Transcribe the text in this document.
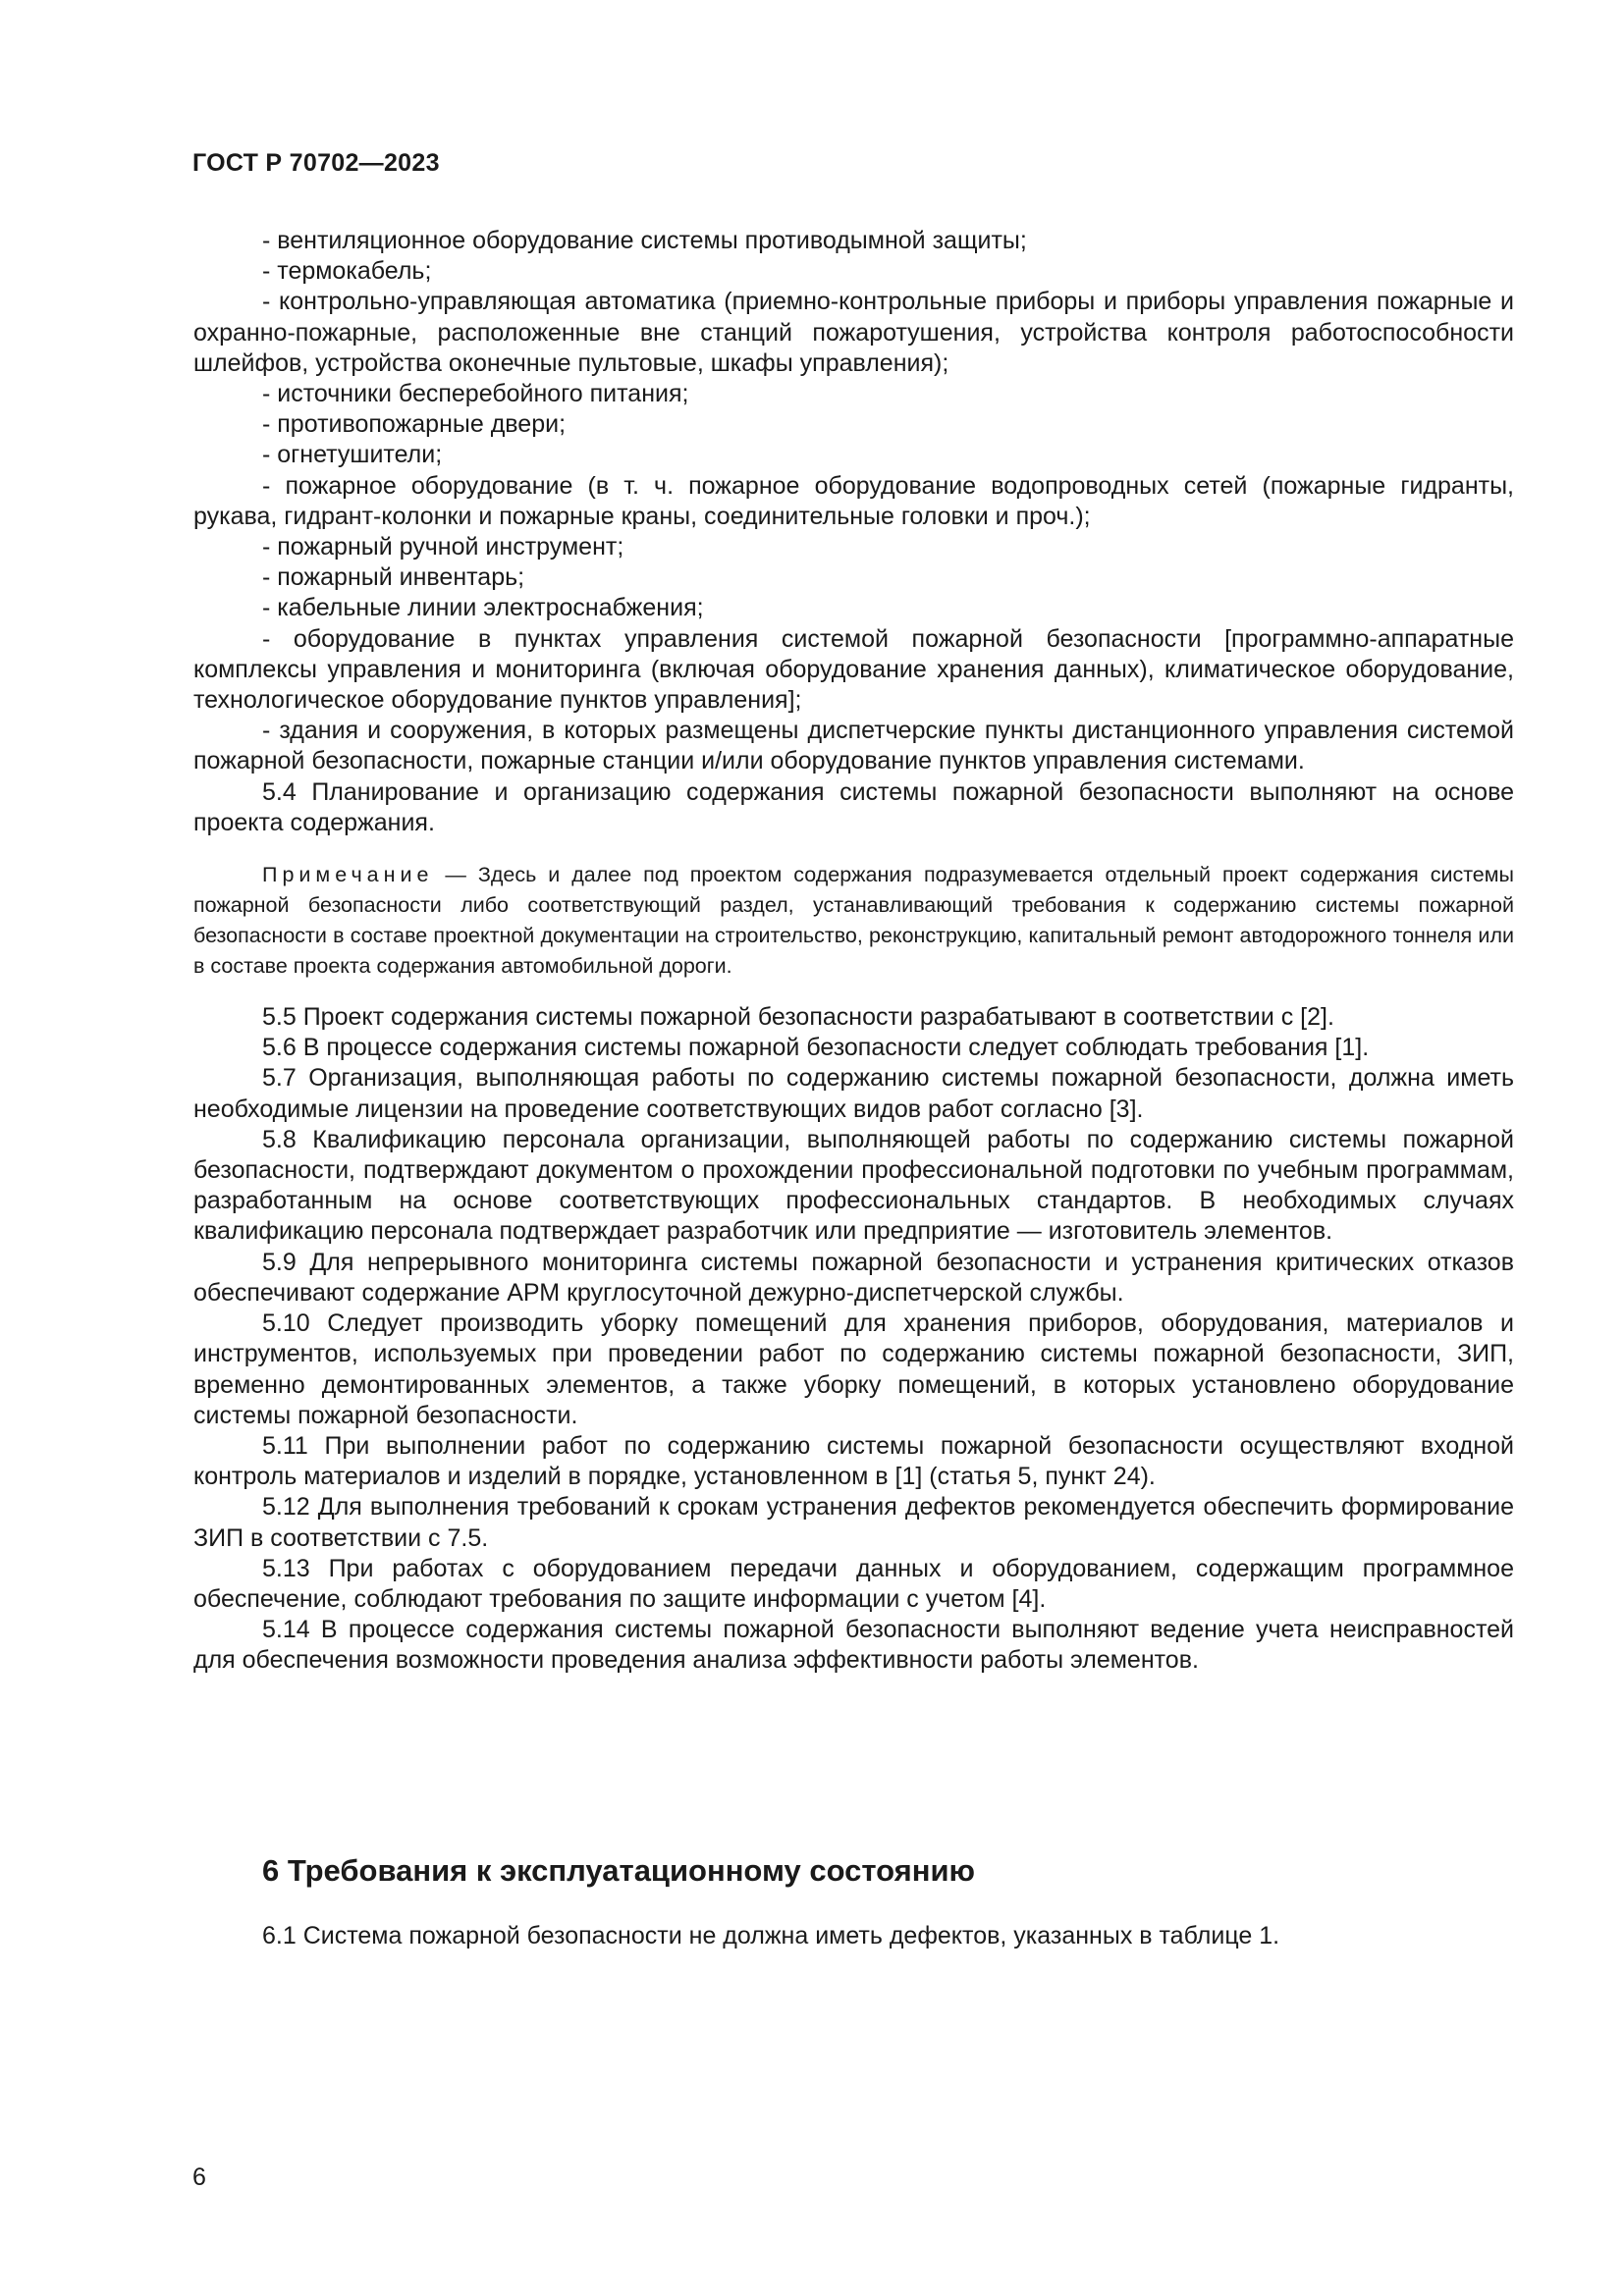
ГОСТ Р 70702—2023

- вентиляционное оборудование системы противодымной защиты;

- термокабель;

- контрольно-управляющая автоматика (приемно-контрольные приборы и приборы управления пожарные и охранно-пожарные, расположенные вне станций пожаротушения, устройства контроля работоспособности шлейфов, устройства оконечные пультовые, шкафы управления);

- источники бесперебойного питания;

- противопожарные двери;

- огнетушители;

- пожарное оборудование (в т. ч. пожарное оборудование водопроводных сетей (пожарные гидранты, рукава, гидрант-колонки и пожарные краны, соединительные головки и проч.);

- пожарный ручной инструмент;

- пожарный инвентарь;

- кабельные линии электроснабжения;

- оборудование в пунктах управления системой пожарной безопасности [программно-аппаратные комплексы управления и мониторинга (включая оборудование хранения данных), климатическое оборудование, технологическое оборудование пунктов управления];

- здания и сооружения, в которых размещены диспетчерские пункты дистанционного управления системой пожарной безопасности, пожарные станции и/или оборудование пунктов управления системами.

5.4 Планирование и организацию содержания системы пожарной безопасности выполняют на основе проекта содержания.

Примечание — Здесь и далее под проектом содержания подразумевается отдельный проект содержания системы пожарной безопасности либо соответствующий раздел, устанавливающий требования к содержанию системы пожарной безопасности в составе проектной документации на строительство, реконструкцию, капитальный ремонт автодорожного тоннеля или в составе проекта содержания автомобильной дороги.

5.5 Проект содержания системы пожарной безопасности разрабатывают в соответствии с [2].

5.6 В процессе содержания системы пожарной безопасности следует соблюдать требования [1].

5.7 Организация, выполняющая работы по содержанию системы пожарной безопасности, должна иметь необходимые лицензии на проведение соответствующих видов работ согласно [3].

5.8 Квалификацию персонала организации, выполняющей работы по содержанию системы пожарной безопасности, подтверждают документом о прохождении профессиональной подготовки по учебным программам, разработанным на основе соответствующих профессиональных стандартов. В необходимых случаях квалификацию персонала подтверждает разработчик или предприятие — изготовитель элементов.

5.9 Для непрерывного мониторинга системы пожарной безопасности и устранения критических отказов обеспечивают содержание АРМ круглосуточной дежурно-диспетчерской службы.

5.10 Следует производить уборку помещений для хранения приборов, оборудования, материалов и инструментов, используемых при проведении работ по содержанию системы пожарной безопасности, ЗИП, временно демонтированных элементов, а также уборку помещений, в которых установлено оборудование системы пожарной безопасности.

5.11 При выполнении работ по содержанию системы пожарной безопасности осуществляют входной контроль материалов и изделий в порядке, установленном в [1] (статья 5, пункт 24).

5.12 Для выполнения требований к срокам устранения дефектов рекомендуется обеспечить формирование ЗИП в соответствии с 7.5.

5.13 При работах с оборудованием передачи данных и оборудованием, содержащим программное обеспечение, соблюдают требования по защите информации с учетом [4].

5.14 В процессе содержания системы пожарной безопасности выполняют ведение учета неисправностей для обеспечения возможности проведения анализа эффективности работы элементов.

6 Требования к эксплуатационному состоянию
6.1 Система пожарной безопасности не должна иметь дефектов, указанных в таблице 1.
6
